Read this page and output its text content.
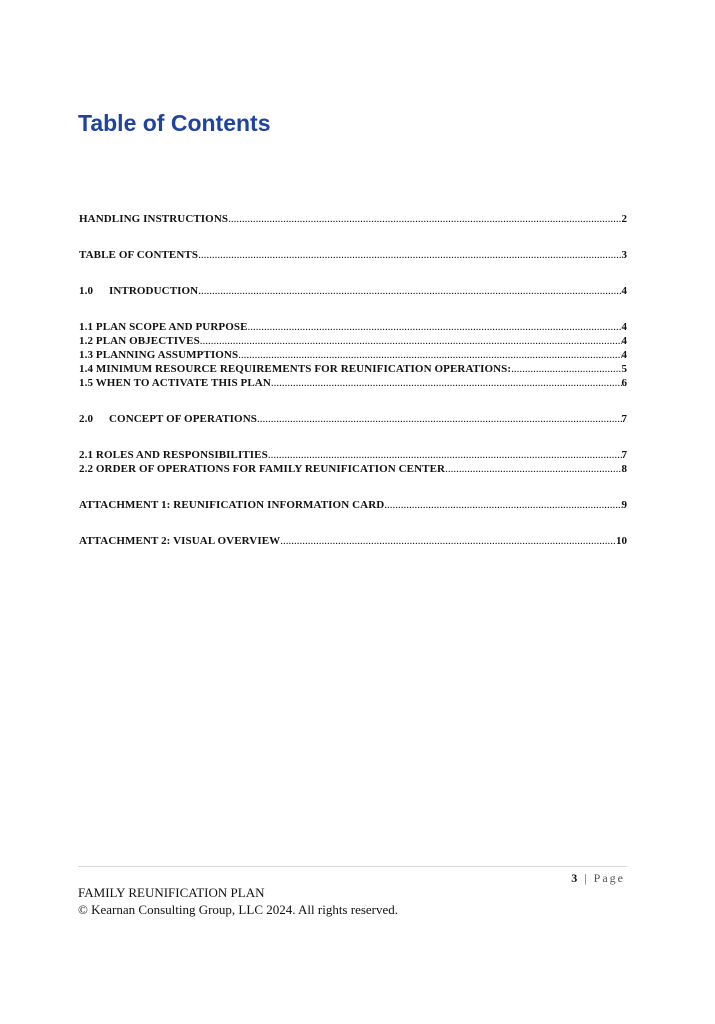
Table of Contents
HANDLING INSTRUCTIONS .....	2
TABLE OF CONTENTS .....	3
1.0 INTRODUCTION .....	4
1.1 PLAN SCOPE AND PURPOSE .....	4
1.2 PLAN OBJECTIVES .....	4
1.3 PLANNING ASSUMPTIONS .....	4
1.4 MINIMUM RESOURCE REQUIREMENTS FOR REUNIFICATION OPERATIONS: .....	5
1.5 WHEN TO ACTIVATE THIS PLAN .....	6
2.0 CONCEPT OF OPERATIONS .....	7
2.1 ROLES AND RESPONSIBILITIES .....	7
2.2 ORDER OF OPERATIONS FOR FAMILY REUNIFICATION CENTER .....	8
ATTACHMENT 1: REUNIFICATION INFORMATION CARD .....	9
ATTACHMENT 2: VISUAL OVERVIEW .....	10
3 | Page
FAMILY REUNIFICATION PLAN
© Kearnan Consulting Group, LLC 2024. All rights reserved.
